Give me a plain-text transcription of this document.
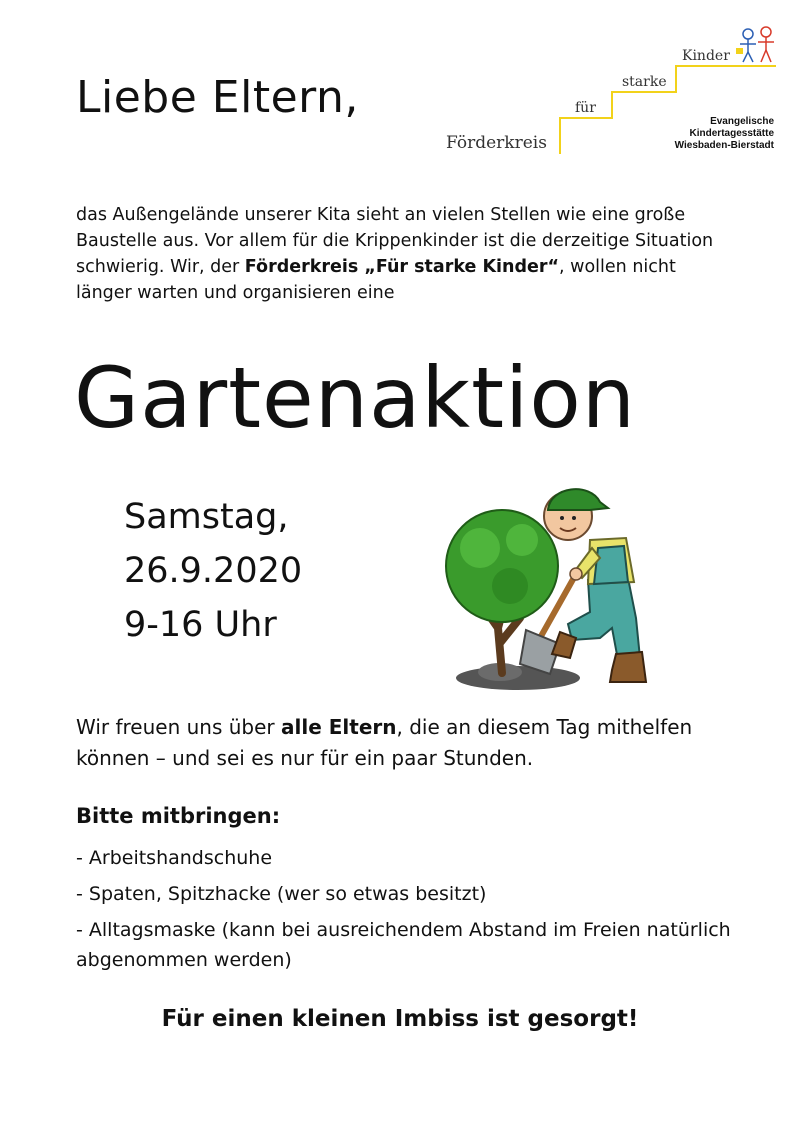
Liebe Eltern,
Förderkreis
für
starke
Kinder
Evangelische
Kindertagesstätte
Wiesbaden-Bierstadt
das Außengelände unserer Kita sieht an vielen Stellen wie eine große Baustelle aus. Vor allem für die Krippenkinder ist die derzeitige Situation schwierig. Wir, der Förderkreis „Für starke Kinder“, wollen nicht länger warten und organisieren eine
Gartenaktion
Samstag,
26.9.2020
9-16 Uhr
Wir freuen uns über alle Eltern, die an diesem Tag mithelfen können – und sei es nur für ein paar Stunden.
Bitte mitbringen:
- Arbeitshandschuhe
- Spaten, Spitzhacke (wer so etwas besitzt)
- Alltagsmaske (kann bei ausreichendem Abstand im Freien natürlich abgenommen werden)
Für einen kleinen Imbiss ist gesorgt!
